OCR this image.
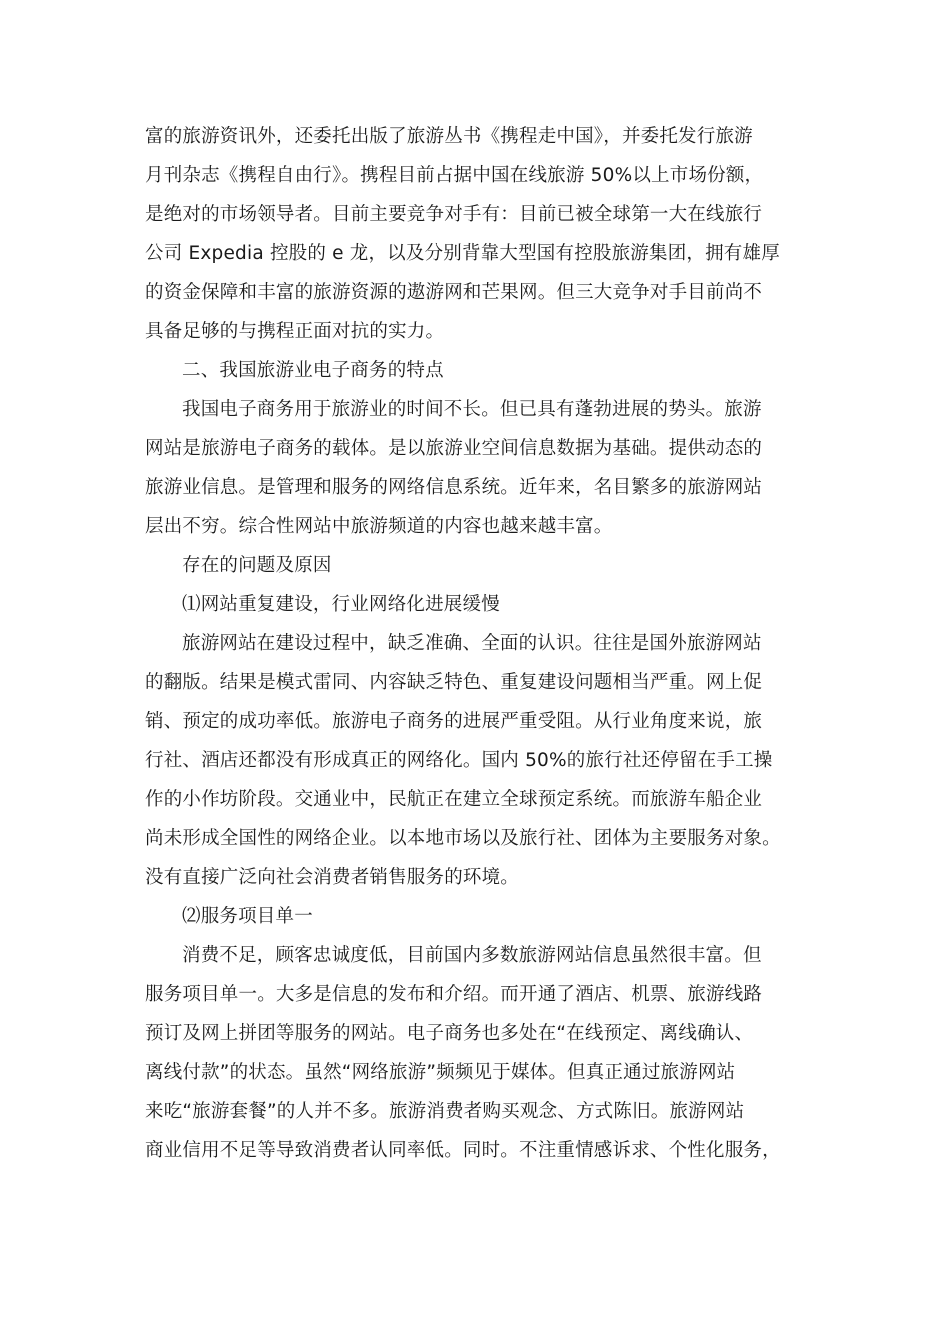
富的旅游资讯外，还委托出版了旅游丛书《携程走中国》，并委托发行旅游
月刊杂志《携程自由行》。携程目前占据中国在线旅游 50%以上市场份额，
是绝对的市场领导者。目前主要竞争对手有：目前已被全球第一大在线旅行
公司 Expedia 控股的 e 龙，以及分别背靠大型国有控股旅游集团，拥有雄厚
的资金保障和丰富的旅游资源的遨游网和芒果网。但三大竞争对手目前尚不
具备足够的与携程正面对抗的实力。
二、我国旅游业电子商务的特点
我国电子商务用于旅游业的时间不长。但已具有蓬勃进展的势头。旅游
网站是旅游电子商务的载体。是以旅游业空间信息数据为基础。提供动态的
旅游业信息。是管理和服务的网络信息系统。近年来，名目繁多的旅游网站
层出不穷。综合性网站中旅游频道的内容也越来越丰富。
存在的问题及原因
⑴网站重复建设，行业网络化进展缓慢
旅游网站在建设过程中，缺乏准确、全面的认识。往往是国外旅游网站
的翻版。结果是模式雷同、内容缺乏特色、重复建设问题相当严重。网上促
销、预定的成功率低。旅游电子商务的进展严重受阻。从行业角度来说，旅
行社、酒店还都没有形成真正的网络化。国内 50%的旅行社还停留在手工操
作的小作坊阶段。交通业中，民航正在建立全球预定系统。而旅游车船企业
尚未形成全国性的网络企业。以本地市场以及旅行社、团体为主要服务对象。
没有直接广泛向社会消费者销售服务的环境。
⑵服务项目单一
消费不足，顾客忠诚度低，目前国内多数旅游网站信息虽然很丰富。但
服务项目单一。大多是信息的发布和介绍。而开通了酒店、机票、旅游线路
预订及网上拼团等服务的网站。电子商务也多处在“在线预定、离线确认、
离线付款”的状态。虽然“网络旅游”频频见于媒体。但真正通过旅游网站
来吃“旅游套餐”的人并不多。旅游消费者购买观念、方式陈旧。旅游网站
商业信用不足等导致消费者认同率低。同时。不注重情感诉求、个性化服务，
